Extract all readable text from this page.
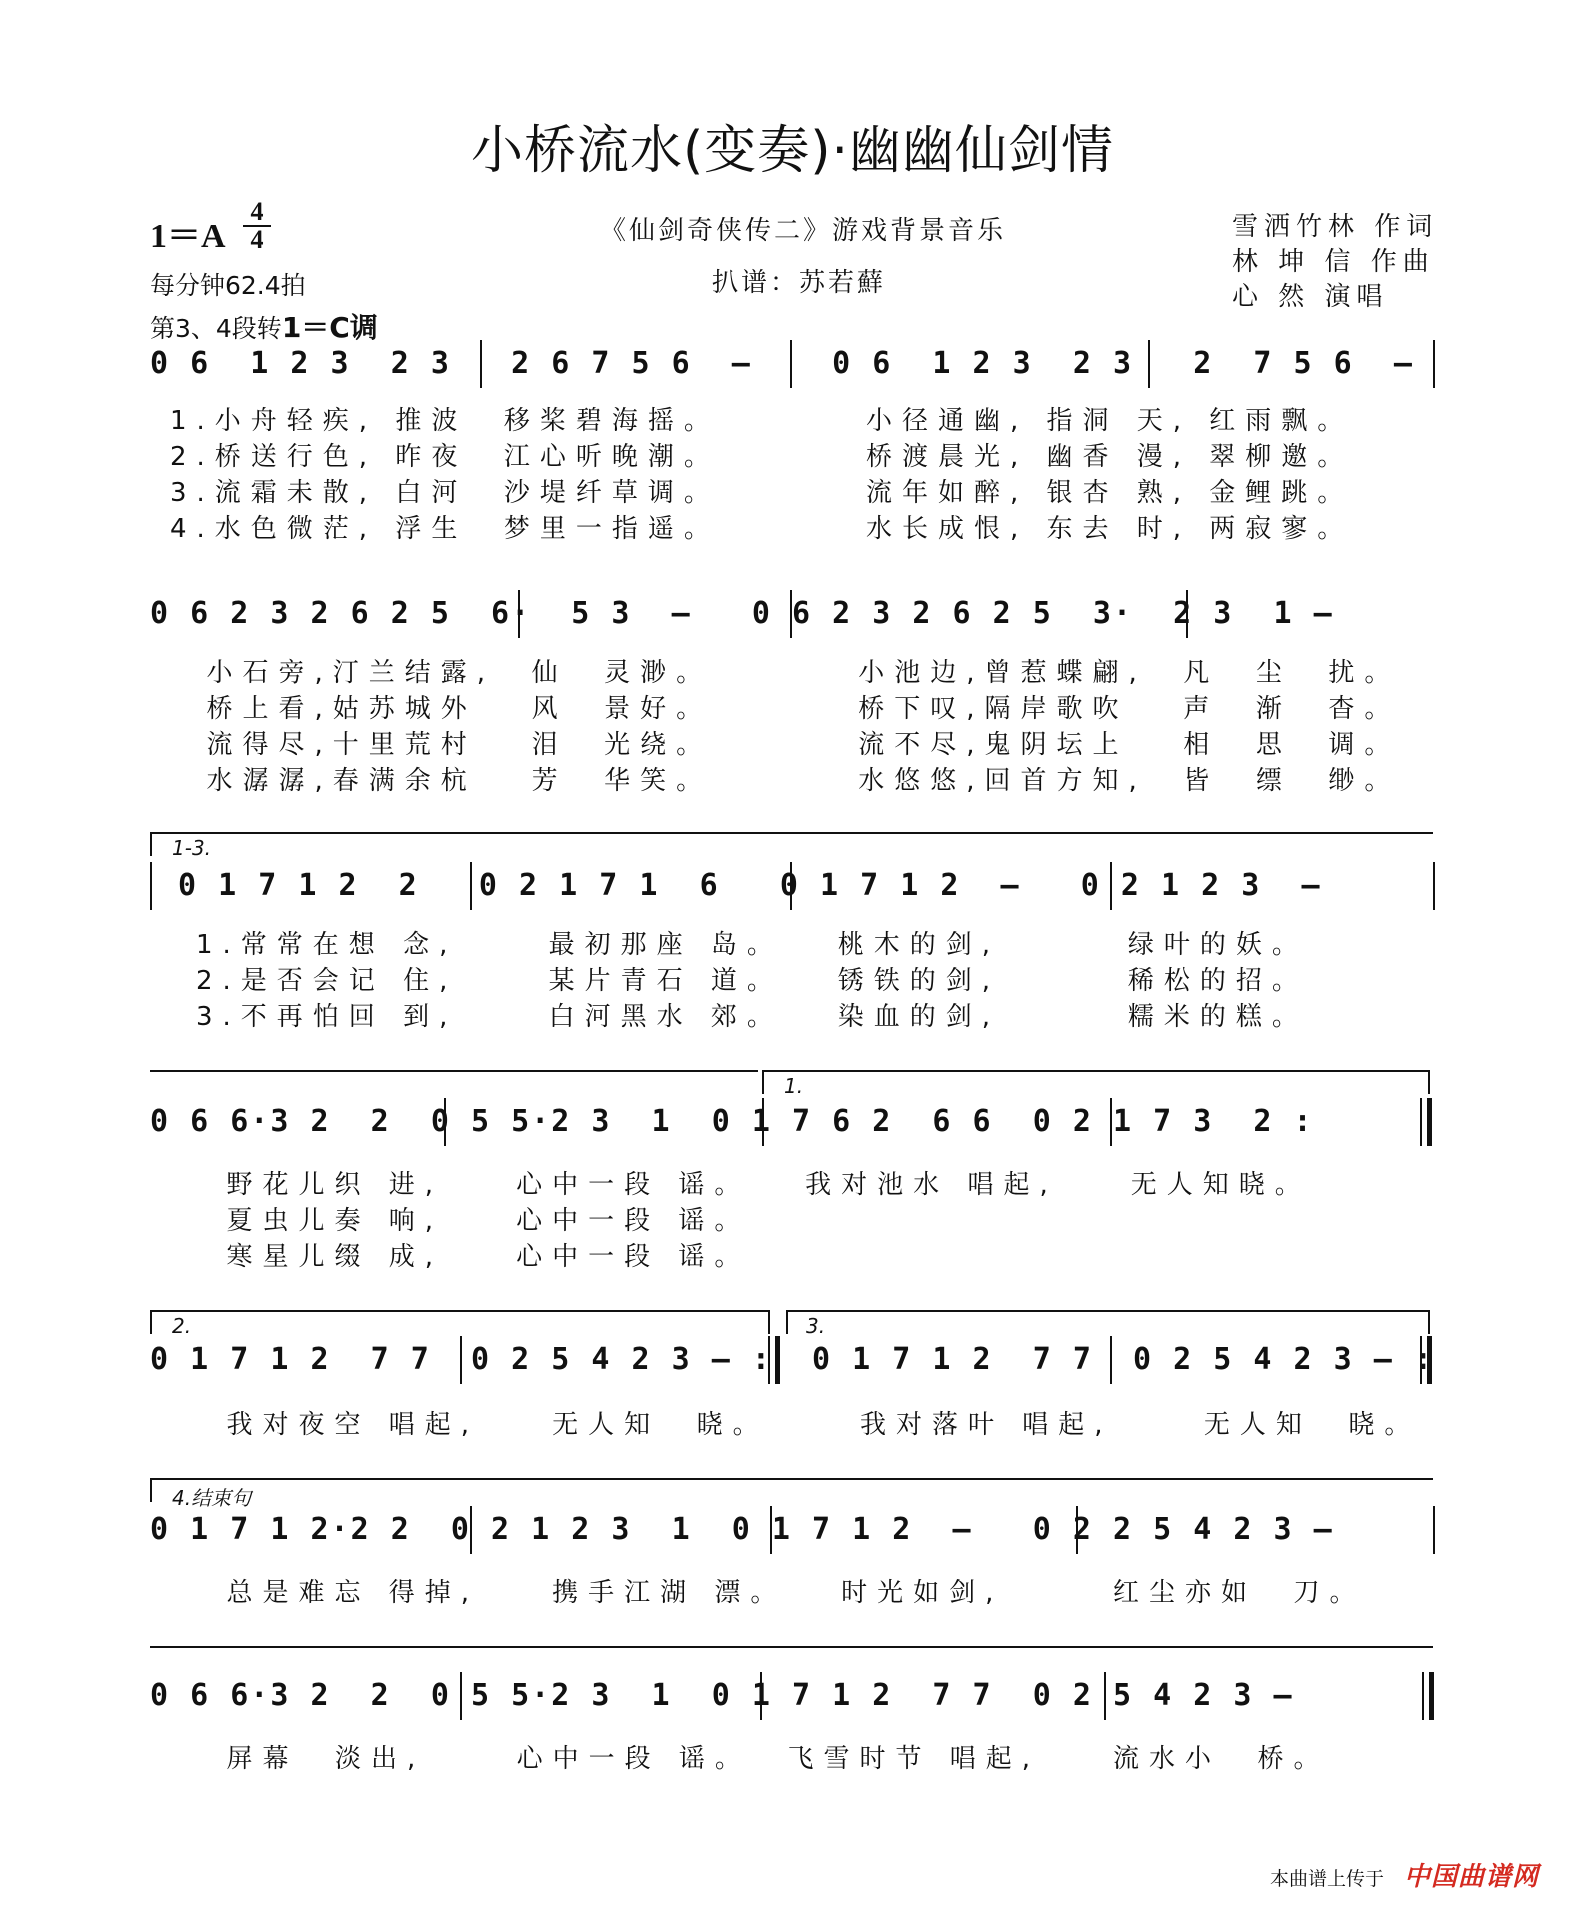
小桥流水(变奏)·幽幽仙剑情
1＝A
4
4
每分钟62.4拍
第3、4段转1＝C调
《仙剑奇侠传二》游戏背景音乐
扒谱：苏若蘚
雪洒竹林 作词
林 坤 信 作曲
心 然 演唱
0 6  1 2 3  2 3   2 6 7 5 6  –    0 6  1 2 3  2 3   2  7 5 6  –
1.小舟轻疾, 推波  移桨碧海摇。        小径通幽, 指洞 天, 红雨飘。
2.桥送行色, 昨夜  江心听晚潮。        桥渡晨光, 幽香 漫, 翠柳邀。
3.流霜未散, 白河  沙堤纤草调。        流年如醉, 银杏 熟, 金鲤跳。
4.水色微茫, 浮生  梦里一指遥。        水长成恨, 东去 时, 两寂寥。
0 6 2 3 2 6 2 5  6·  5 3  –   0 6 2 3 2 6 2 5  3·  2 3  1 –
小石旁,汀兰结露,  仙  灵渺。        小池边,曾惹蝶翩,  凡  尘  扰。
桥上看,姑苏城外   风  景好。        桥下叹,隔岸歌吹   声  渐  杳。
流得尽,十里荒村   泪  光绕。        流不尽,鬼阴坛上   相  思  调。
水潺潺,春满余杭   芳  华笑。        水悠悠,回首方知,  皆  缥  缈。
1-3.
0 1 7 1 2  2   0 2 1 7 1  6   0 1 7 1 2  –   0 2 1 2 3  –
1.常常在想 念,     最初那座 岛。   桃木的剑,       绿叶的妖。
2.是否会记 住,     某片青石 道。   锈铁的剑,       稀松的招。
3.不再怕回 到,     白河黑水 郊。   染血的剑,       糯米的糕。
1.
0 6 6·3 2  2  0 5 5·2 3  1  0 1 7 6 2  6 6  0 2 1 7 3  2 :
野花儿织 进,    心中一段 谣。   我对池水 唱起,    无人知晓。
夏虫儿奏 响,    心中一段 谣。
寒星儿缀 成,    心中一段 谣。
2.	3.
0 1 7 1 2  7 7  0 2 5 4 2 3 – :  0 1 7 1 2  7 7  0 2 5 4 2 3 – :
我对夜空 唱起,    无人知  晓。     我对落叶 唱起,     无人知  晓。
4.结束句
0 1 7 1 2·2 2  0 2 1 2 3  1  0 1 7 1 2  –   0 2 2 5 4 2 3 –
总是难忘 得掉,    携手江湖 漂。   时光如剑,      红尘亦如  刀。
0 6 6·3 2  2  0 5 5·2 3  1  0 1 7 1 2  7 7  0 2 5 4 2 3 –
屏幕  淡出,     心中一段 谣。  飞雪时节 唱起,    流水小  桥。
本曲谱上传于 中国曲谱网
